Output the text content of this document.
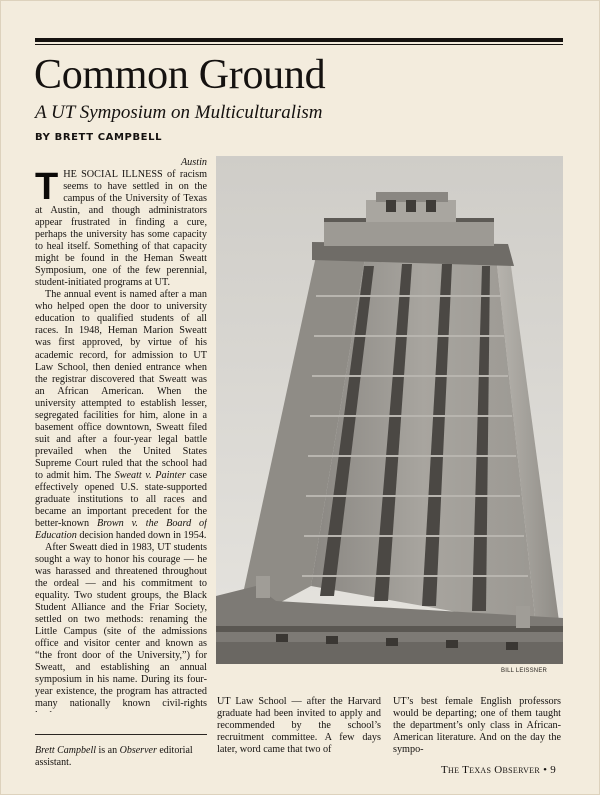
Common Ground
A UT Symposium on Multiculturalism

BY BRETT CAMPBELL

Austin

THE SOCIAL ILLNESS of racism seems to have settled in on the campus of the University of Texas at Austin, and though administrators appear frustrated in finding a cure, perhaps the university has some capacity to heal itself. Something of that capacity might be found in the Heman Sweatt Symposium, one of the few perennial, student-initiated programs at UT.

The annual event is named after a man who helped open the door to university education to qualified students of all races. In 1948, Heman Marion Sweatt was first approved, by virtue of his academic record, for admission to UT Law School, then denied entrance when the registrar discovered that Sweatt was an African American. When the university attempted to establish lesser, segregated facilities for him, alone in a basement office downtown, Sweatt filed suit and after a four-year legal battle prevailed when the United States Supreme Court ruled that the school had to admit him. The Sweatt v. Painter case effectively opened U.S. state-supported graduate institutions to all races and became an important precedent for the better-known Brown v. the Board of Education decision handed down in 1954.

After Sweatt died in 1983, UT students sought a way to honor his courage — he was harassed and threatened throughout the ordeal — and his commitment to equality. Two student groups, the Black Student Alliance and the Friar Society, settled on two methods: renaming the Little Campus (site of the admissions office and visitor center and known as “the front door of the University,”) for Sweatt, and establishing an annual symposium in his name. During its four-year existence, the program has attracted many nationally known civil-rights

Brett Campbell is an Observer editorial assistant.

BILL LEISSNER

UT Law School — after the Harvard graduate had been invited to apply and recommended by the school’s recruitment committee. A few days later, word came that two of

UT’s best female English professors would be departing; one of them taught the department’s only class in African-American literature. And on the day the sympo-

The Texas Observer • 9
